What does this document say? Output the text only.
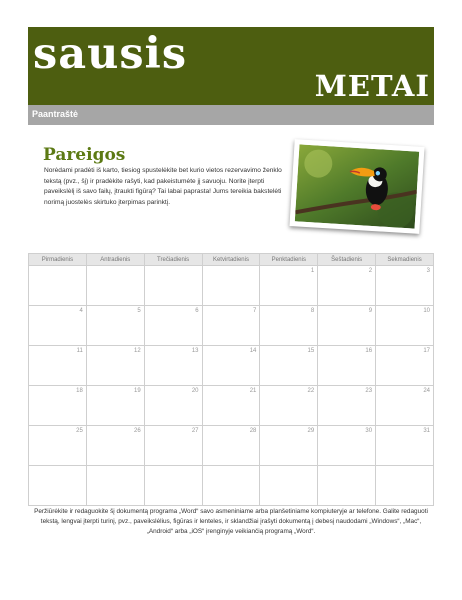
sausis
METAI
Paantraštė
Pareigos
Norėdami pradėti iš karto, tiesiog spustelėkite bet kurio vietos rezervavimo ženklo tekstą (pvz., šį) ir pradėkite rašyti, kad pakeistumėte jį savuoju. Norite įterpti paveikslėlį iš savo failų, įtraukti figūrą? Tai labai paprasta! Jums tereikia bakstelėti norimą juostelės skirtuko įterpimas parinktį.
Pirmadienis	Antradienis	Trečiadienis	Ketvirtadienis	Penktadienis	Šeštadienis	Sekmadienis
				1	2	3
4	5	6	7	8	9	10
11	12	13	14	15	16	17
18	19	20	21	22	23	24
25	26	27	28	29	30	31

Peržiūrėkite ir redaguokite šį dokumentą programa „Word“ savo asmeniniame arba planšetiniame kompiuteryje ar telefone. Galite redaguoti tekstą, lengvai įterpti turinį, pvz., paveikslėlius, figūras ir lenteles, ir sklandžiai įrašyti dokumentą į debesį naudodami „Windows“, „Mac“, „Android“ arba „iOS“ įrenginyje veikiančią programą „Word“.
